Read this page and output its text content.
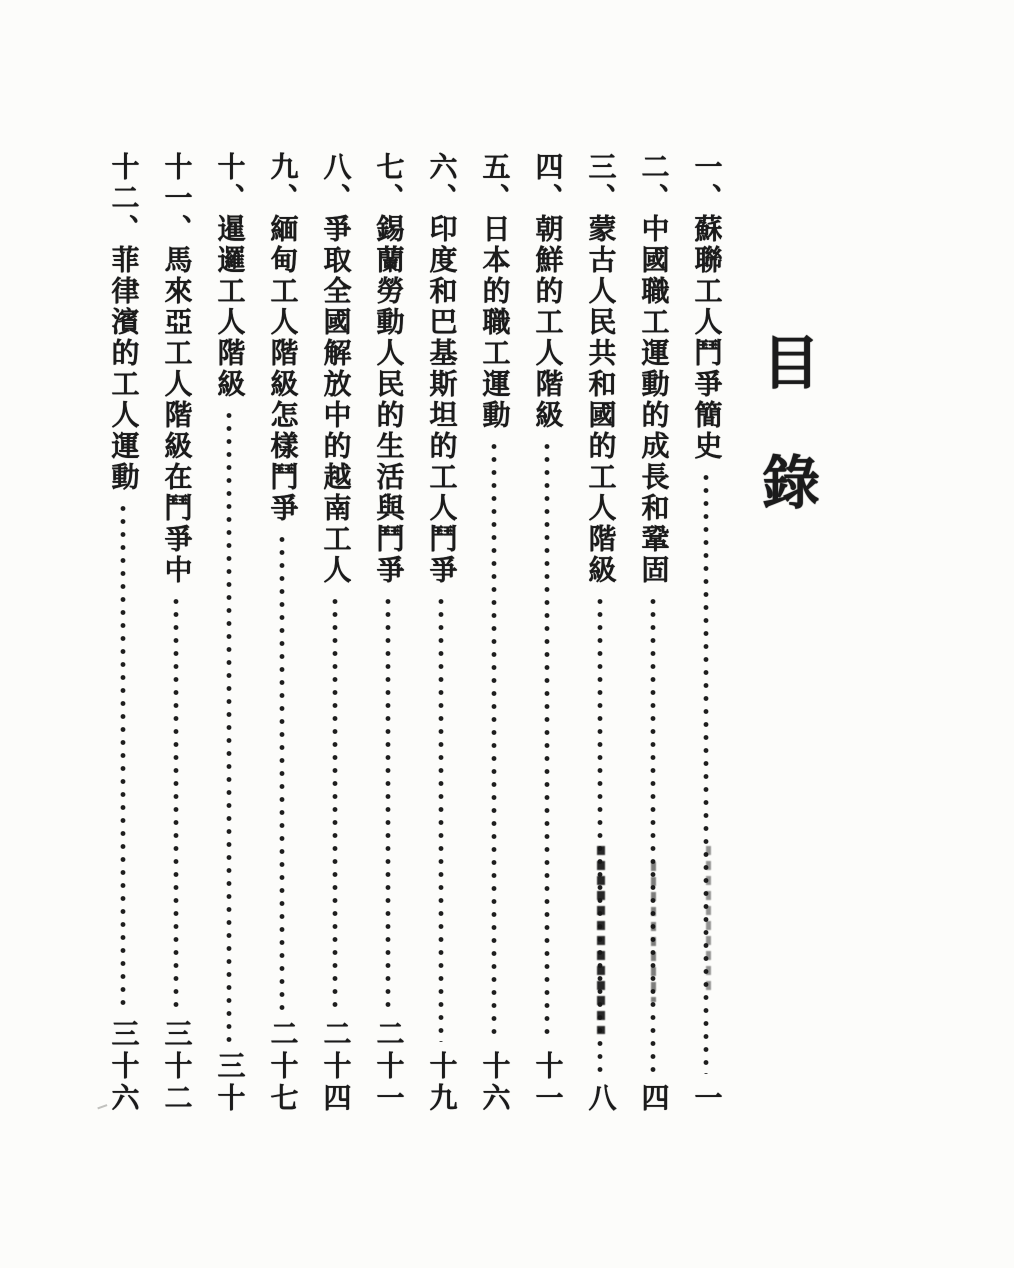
目錄
一、蘇聯工人鬥爭簡史
一
二、中國職工運動的成長和鞏固
四
三、蒙古人民共和國的工人階級
八
四、朝鮮的工人階級
十一
五、日本的職工運動
十六
六、印度和巴基斯坦的工人鬥爭
十九
七、錫蘭勞動人民的生活與鬥爭
二十一
八、爭取全國解放中的越南工人
二十四
九、緬甸工人階級怎樣鬥爭
二十七
十、暹邏工人階級
三十
十一、馬來亞工人階級在鬥爭中
三十二
十二、菲律濱的工人運動
三十六
